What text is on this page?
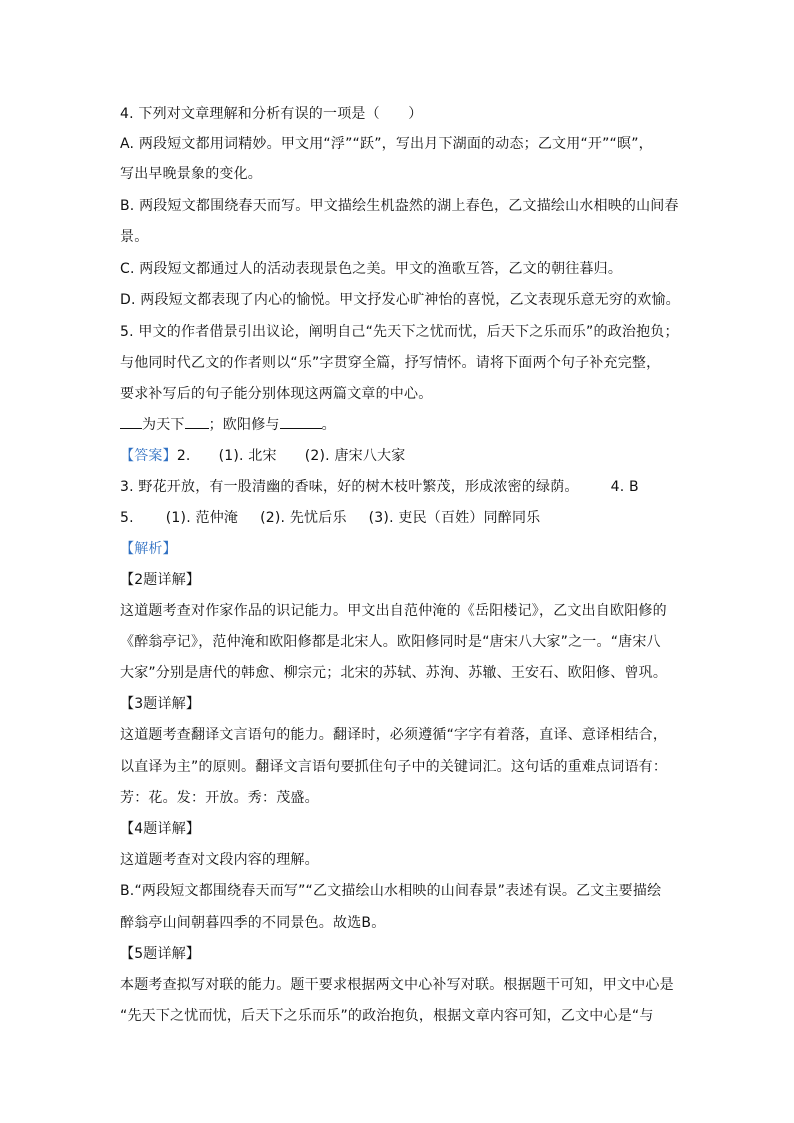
4. 下列对文章理解和分析有误的一项是（　　）
A. 两段短文都用词精妙。甲文用“浮”“跃”，写出月下湖面的动态；乙文用“开”“暝”，
写出早晚景象的变化。
B. 两段短文都围绕春天而写。甲文描绘生机盎然的湖上春色，乙文描绘山水相映的山间春
景。
C. 两段短文都通过人的活动表现景色之美。甲文的渔歌互答，乙文的朝往暮归。
D. 两段短文都表现了内心的愉悦。甲文抒发心旷神怡的喜悦，乙文表现乐意无穷的欢愉。
5. 甲文的作者借景引出议论，阐明自己“先天下之忧而忧，后天下之乐而乐”的政治抱负；
与他同时代乙文的作者则以“乐”字贯穿全篇，抒写情怀。请将下面两个句子补充完整，
要求补写后的句子能分别体现这两篇文章的中心。
为天下 ；欧阳修与	。
【答案】2. (1). 北宋 (2). 唐宋八大家
3. 野花开放，有一股清幽的香味，好的树木枝叶繁茂，形成浓密的绿荫。 4. B
5. (1). 范仲淹 (2). 先忧后乐 (3). 吏民（百姓）同醉同乐
【解析】
【2题详解】
这道题考查对作家作品的识记能力。甲文出自范仲淹的《岳阳楼记》，乙文出自欧阳修的
《醉翁亭记》，范仲淹和欧阳修都是北宋人。欧阳修同时是“唐宋八大家”之一。“唐宋八
大家”分别是唐代的韩愈、柳宗元；北宋的苏轼、苏洵、苏辙、王安石、欧阳修、曾巩。
【3题详解】
这道题考查翻译文言语句的能力。翻译时，必须遵循“字字有着落，直译、意译相结合，
以直译为主”的原则。翻译文言语句要抓住句子中的关键词汇。这句话的重难点词语有：
芳：花。发：开放。秀：茂盛。
【4题详解】
这道题考查对文段内容的理解。
B.“两段短文都围绕春天而写”“乙文描绘山水相映的山间春景”表述有误。乙文主要描绘
醉翁亭山间朝暮四季的不同景色。故选B。
【5题详解】
本题考查拟写对联的能力。题干要求根据两文中心补写对联。根据题干可知，甲文中心是
“先天下之忧而忧，后天下之乐而乐”的政治抱负，根据文章内容可知，乙文中心是“与
